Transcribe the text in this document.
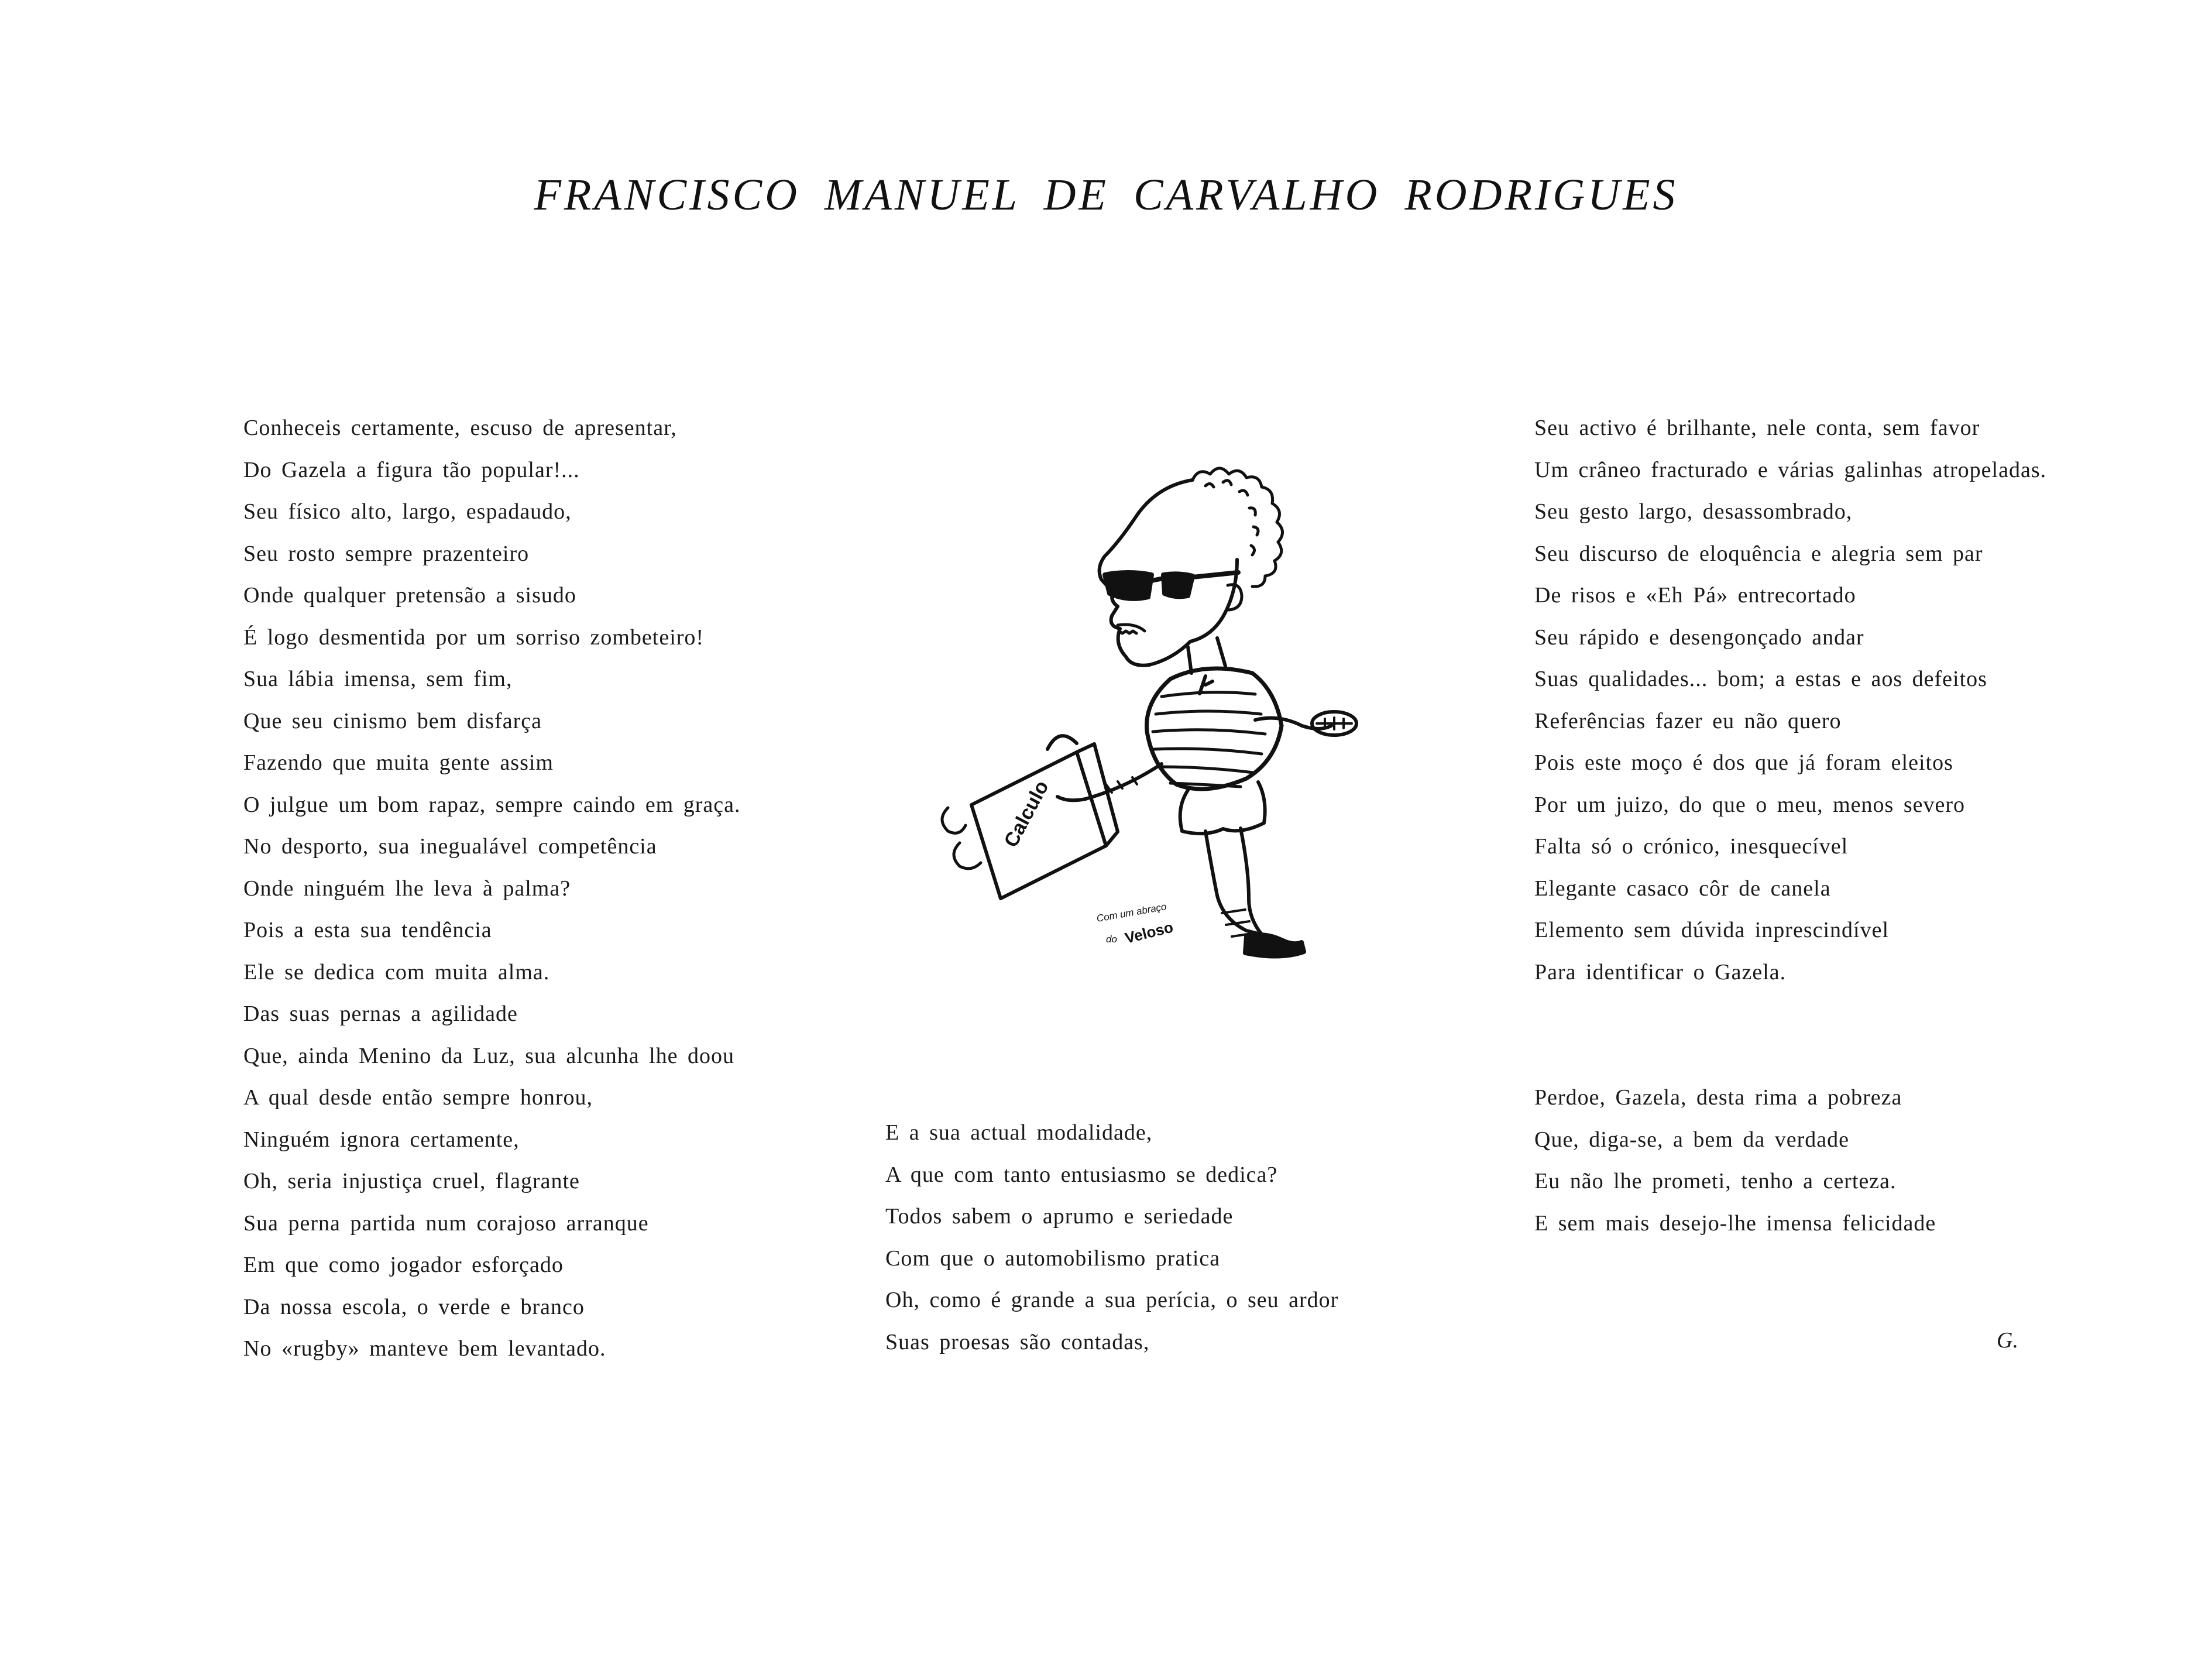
FRANCISCO MANUEL DE CARVALHO RODRIGUES
Conheceis certamente, escuso de apresentar,
Do Gazela a figura tão popular!...
Seu físico alto, largo, espadaudo,
Seu rosto sempre prazenteiro
Onde qualquer pretensão a sisudo
É logo desmentida por um sorriso zombeteiro!
Sua lábia imensa, sem fim,
Que seu cinismo bem disfarça
Fazendo que muita gente assim
O julgue um bom rapaz, sempre caindo em graça.
No desporto, sua inegualável competência
Onde ninguém lhe leva à palma?
Pois a esta sua tendência
Ele se dedica com muita alma.
Das suas pernas a agilidade
Que, ainda Menino da Luz, sua alcunha lhe doou
A qual desde então sempre honrou,
Ninguém ignora certamente,
Oh, seria injustiça cruel, flagrante
Sua perna partida num corajoso arranque
Em que como jogador esforçado
Da nossa escola, o verde e branco
No «rugby» manteve bem levantado.
E a sua actual modalidade,
A que com tanto entusiasmo se dedica?
Todos sabem o aprumo e seriedade
Com que o automobilismo pratica
Oh, como é grande a sua perícia, o seu ardor
Suas proesas são contadas,
Seu activo é brilhante, nele conta, sem favor
Um crâneo fracturado e várias galinhas atropeladas.
Seu gesto largo, desassombrado,
Seu discurso de eloquência e alegria sem par
De risos e «Eh Pá» entrecortado
Seu rápido e desengonçado andar
Suas qualidades... bom; a estas e aos defeitos
Referências fazer eu não quero
Pois este moço é dos que já foram eleitos
Por um juizo, do que o meu, menos severo
Falta só o crónico, inesquecível
Elegante casaco côr de canela
Elemento sem dúvida inprescindível
Para identificar o Gazela.
Perdoe, Gazela, desta rima a pobreza
Que, diga-se, a bem da verdade
Eu não lhe prometi, tenho a certeza.
E sem mais desejo-lhe imensa felicidade
G.
Calculo
Com um abraço
do Veloso
